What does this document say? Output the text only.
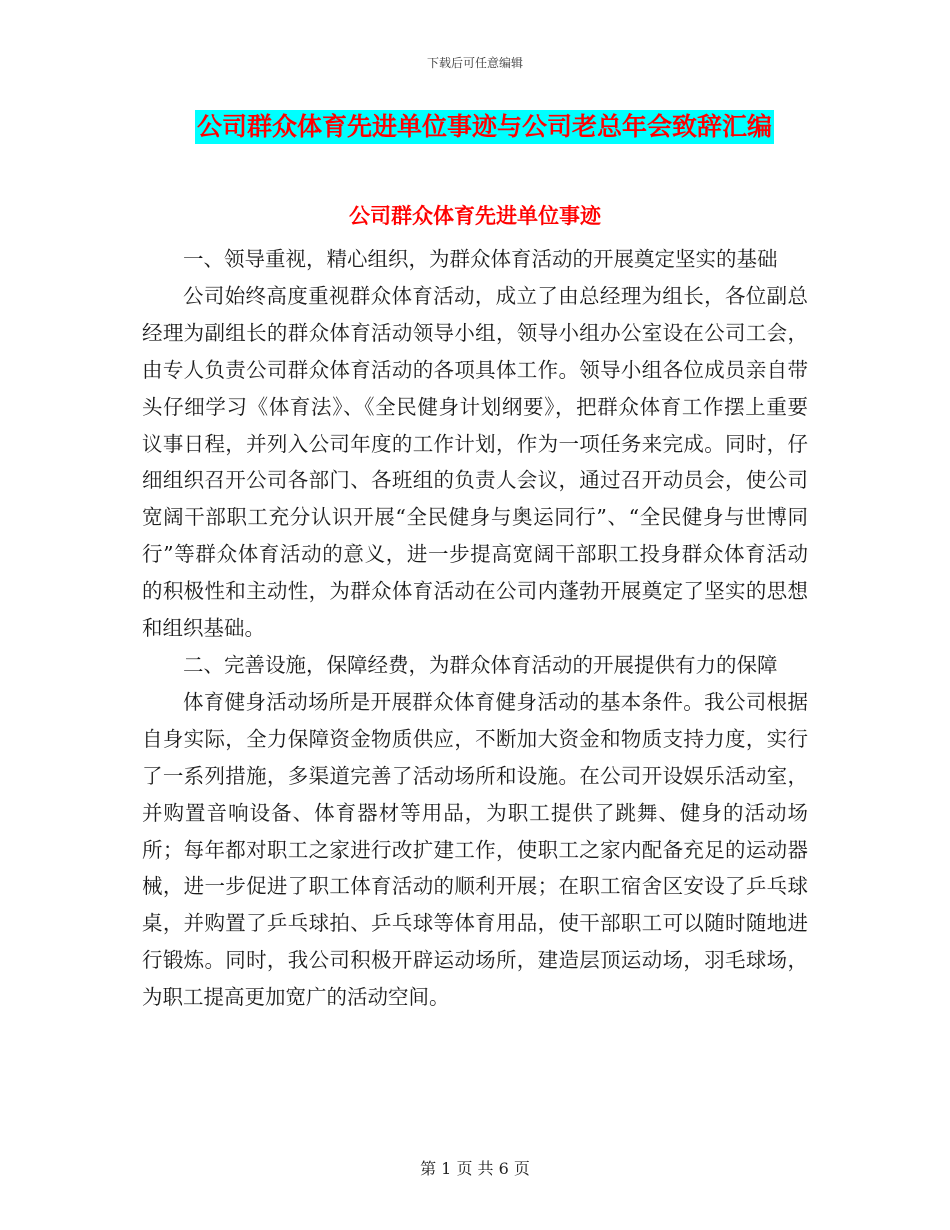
下载后可任意编辑
公司群众体育先进单位事迹与公司老总年会致辞汇编
公司群众体育先进单位事迹

一、领导重视，精心组织，为群众体育活动的开展奠定坚实的基础

公司始终高度重视群众体育活动，成立了由总经理为组长，各位副总经理为副组长的群众体育活动领导小组，领导小组办公室设在公司工会，由专人负责公司群众体育活动的各项具体工作。领导小组各位成员亲自带头仔细学习《体育法》、《全民健身计划纲要》，把群众体育工作摆上重要议事日程，并列入公司年度的工作计划，作为一项任务来完成。同时，仔细组织召开公司各部门、各班组的负责人会议，通过召开动员会，使公司宽阔干部职工充分认识开展“全民健身与奥运同行”、“全民健身与世博同行”等群众体育活动的意义，进一步提高宽阔干部职工投身群众体育活动的积极性和主动性，为群众体育活动在公司内蓬勃开展奠定了坚实的思想和组织基础。

二、完善设施，保障经费，为群众体育活动的开展提供有力的保障

体育健身活动场所是开展群众体育健身活动的基本条件。我公司根据自身实际，全力保障资金物质供应，不断加大资金和物质支持力度，实行了一系列措施，多渠道完善了活动场所和设施。在公司开设娱乐活动室，并购置音响设备、体育器材等用品，为职工提供了跳舞、健身的活动场所；每年都对职工之家进行改扩建工作，使职工之家内配备充足的运动器械，进一步促进了职工体育活动的顺利开展；在职工宿舍区安设了乒乓球桌，并购置了乒乓球拍、乒乓球等体育用品，使干部职工可以随时随地进行锻炼。同时，我公司积极开辟运动场所，建造层顶运动场，羽毛球场，为职工提高更加宽广的活动空间。

第 1 页 共 6 页
